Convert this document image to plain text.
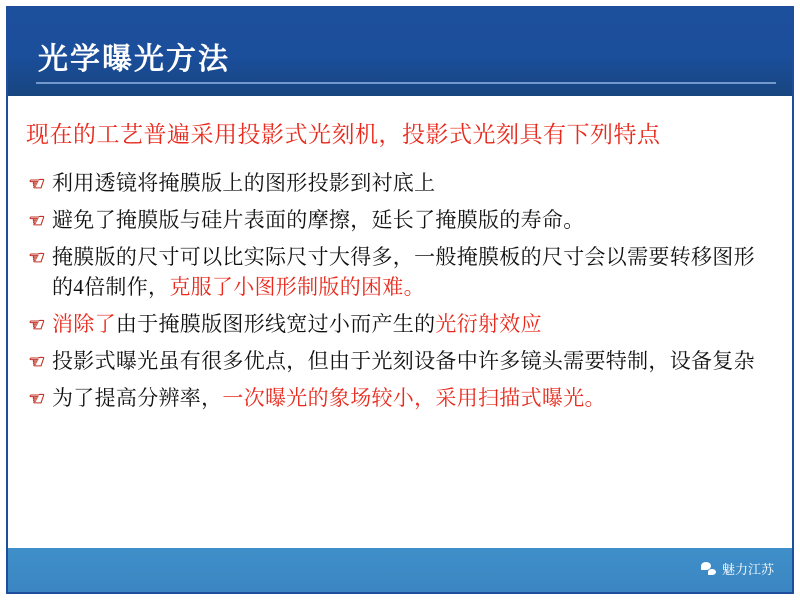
光学曝光方法
现在的工艺普遍采用投影式光刻机，投影式光刻具有下列特点
☜ 利用透镜将掩膜版上的图形投影到衬底上
☜ 避免了掩膜版与硅片表面的摩擦，延长了掩膜版的寿命。
☜ 掩膜版的尺寸可以比实际尺寸大得多，一般掩膜板的尺寸会以需要转移图形的4倍制作，克服了小图形制版的困难。
☜ 消除了由于掩膜版图形线宽过小而产生的光衍射效应
☜ 投影式曝光虽有很多优点，但由于光刻设备中许多镜头需要特制，设备复杂
☜ 为了提高分辨率，一次曝光的象场较小，采用扫描式曝光。
魅力江苏
